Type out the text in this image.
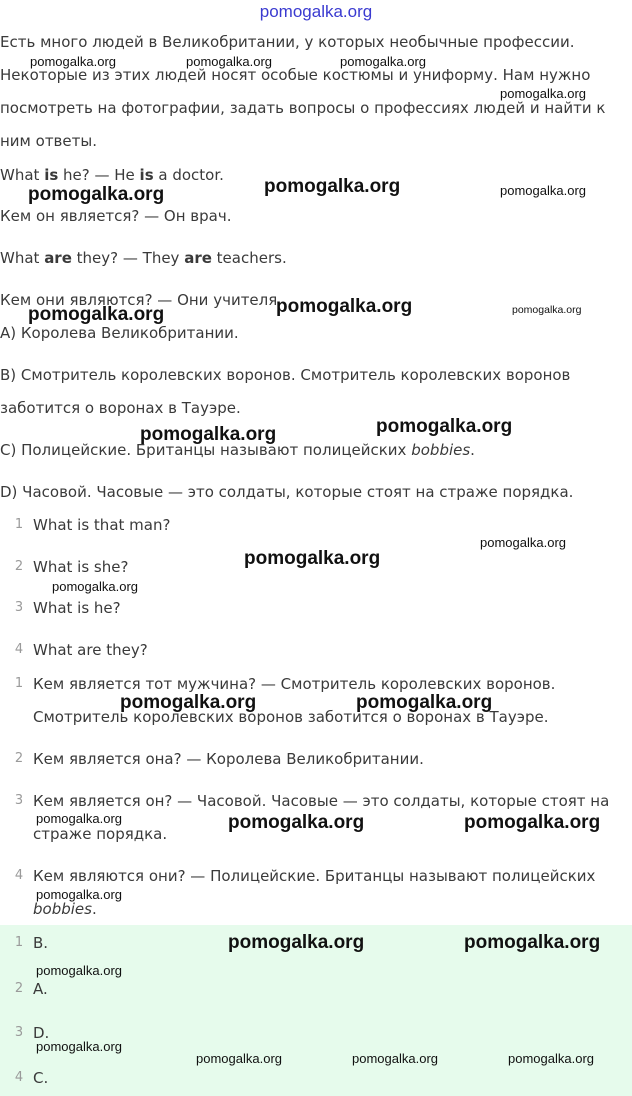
pomogalka.org
Есть много людей в Великобритании, у которых необычные профессии.
Некоторые из этих людей носят особые костюмы и униформу. Нам нужно
посмотреть на фотографии, задать вопросы о профессиях людей и найти к
ним ответы.
What is he? — He is a doctor.
Кем он является? — Он врач.
What are they? — They are teachers.
Кем они являются? — Они учителя.
A) Королева Великобритании.
B) Смотритель королевских воронов. Смотритель королевских воронов
заботится о воронах в Тауэре.
C) Полицейские. Британцы называют полицейских bobbies.
D) Часовой. Часовые — это солдаты, которые стоят на страже порядка.
1 What is that man?
2 What is she?
3 What is he?
4 What are they?
1 Кем является тот мужчина? — Смотритель королевских воронов.
Смотритель королевских воронов заботится о воронах в Тауэре.
2 Кем является она? — Королева Великобритании.
3 Кем является он? — Часовой. Часовые — это солдаты, которые стоят на
страже порядка.
4 Кем являются они? — Полицейские. Британцы называют полицейских
bobbies.
1 B.
2 A.
3 D.
4 C.
pomogalka.org	pomogalka.org	pomogalka.org
pomogalka.org
pomogalka.org	pomogalka.org	pomogalka.org
pomogalka.org	pomogalka.org	pomogalka.org
pomogalka.org
pomogalka.org
pomogalka.org
pomogalka.org
pomogalka.org
pomogalka.org	pomogalka.org
pomogalka.org	pomogalka.org	pomogalka.org
pomogalka.org
pomogalka.org	pomogalka.org
pomogalka.org
pomogalka.org
pomogalka.org	pomogalka.org	pomogalka.org
